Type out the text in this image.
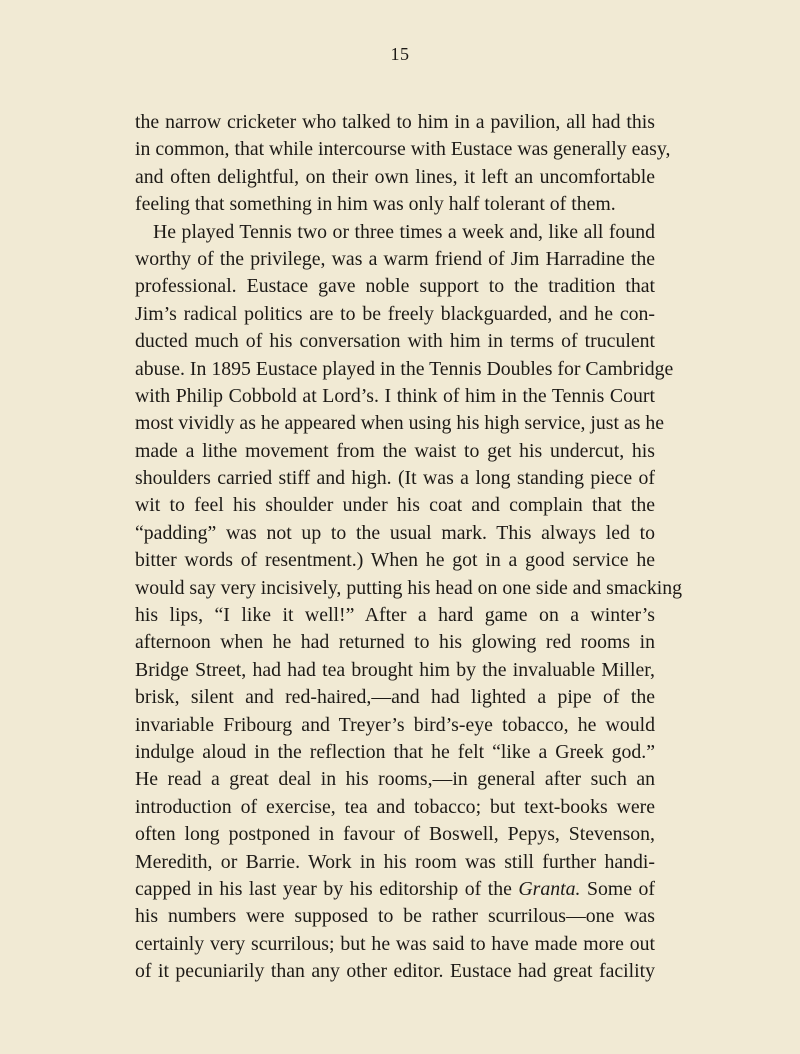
15
the narrow cricketer who talked to him in a pavilion, all had this
in common, that while intercourse with Eustace was generally easy,
and often delightful, on their own lines, it left an uncomfortable
feeling that something in him was only half tolerant of them.
He played Tennis two or three times a week and, like all found
worthy of the privilege, was a warm friend of Jim Harradine the
professional. Eustace gave noble support to the tradition that
Jim’s radical politics are to be freely blackguarded, and he con-
ducted much of his conversation with him in terms of truculent
abuse. In 1895 Eustace played in the Tennis Doubles for Cambridge
with Philip Cobbold at Lord’s. I think of him in the Tennis Court
most vividly as he appeared when using his high service, just as he
made a lithe movement from the waist to get his undercut, his
shoulders carried stiff and high. (It was a long standing piece of
wit to feel his shoulder under his coat and complain that the
“padding” was not up to the usual mark. This always led to
bitter words of resentment.) When he got in a good service he
would say very incisively, putting his head on one side and smacking
his lips, “I like it well!” After a hard game on a winter’s
afternoon when he had returned to his glowing red rooms in
Bridge Street, had had tea brought him by the invaluable Miller,
brisk, silent and red-haired,—and had lighted a pipe of the
invariable Fribourg and Treyer’s bird’s-eye tobacco, he would
indulge aloud in the reflection that he felt “like a Greek god.”
He read a great deal in his rooms,—in general after such an
introduction of exercise, tea and tobacco; but text-books were
often long postponed in favour of Boswell, Pepys, Stevenson,
Meredith, or Barrie. Work in his room was still further handi-
capped in his last year by his editorship of the Granta. Some of
his numbers were supposed to be rather scurrilous—one was
certainly very scurrilous; but he was said to have made more out
of it pecuniarily than any other editor. Eustace had great facility
